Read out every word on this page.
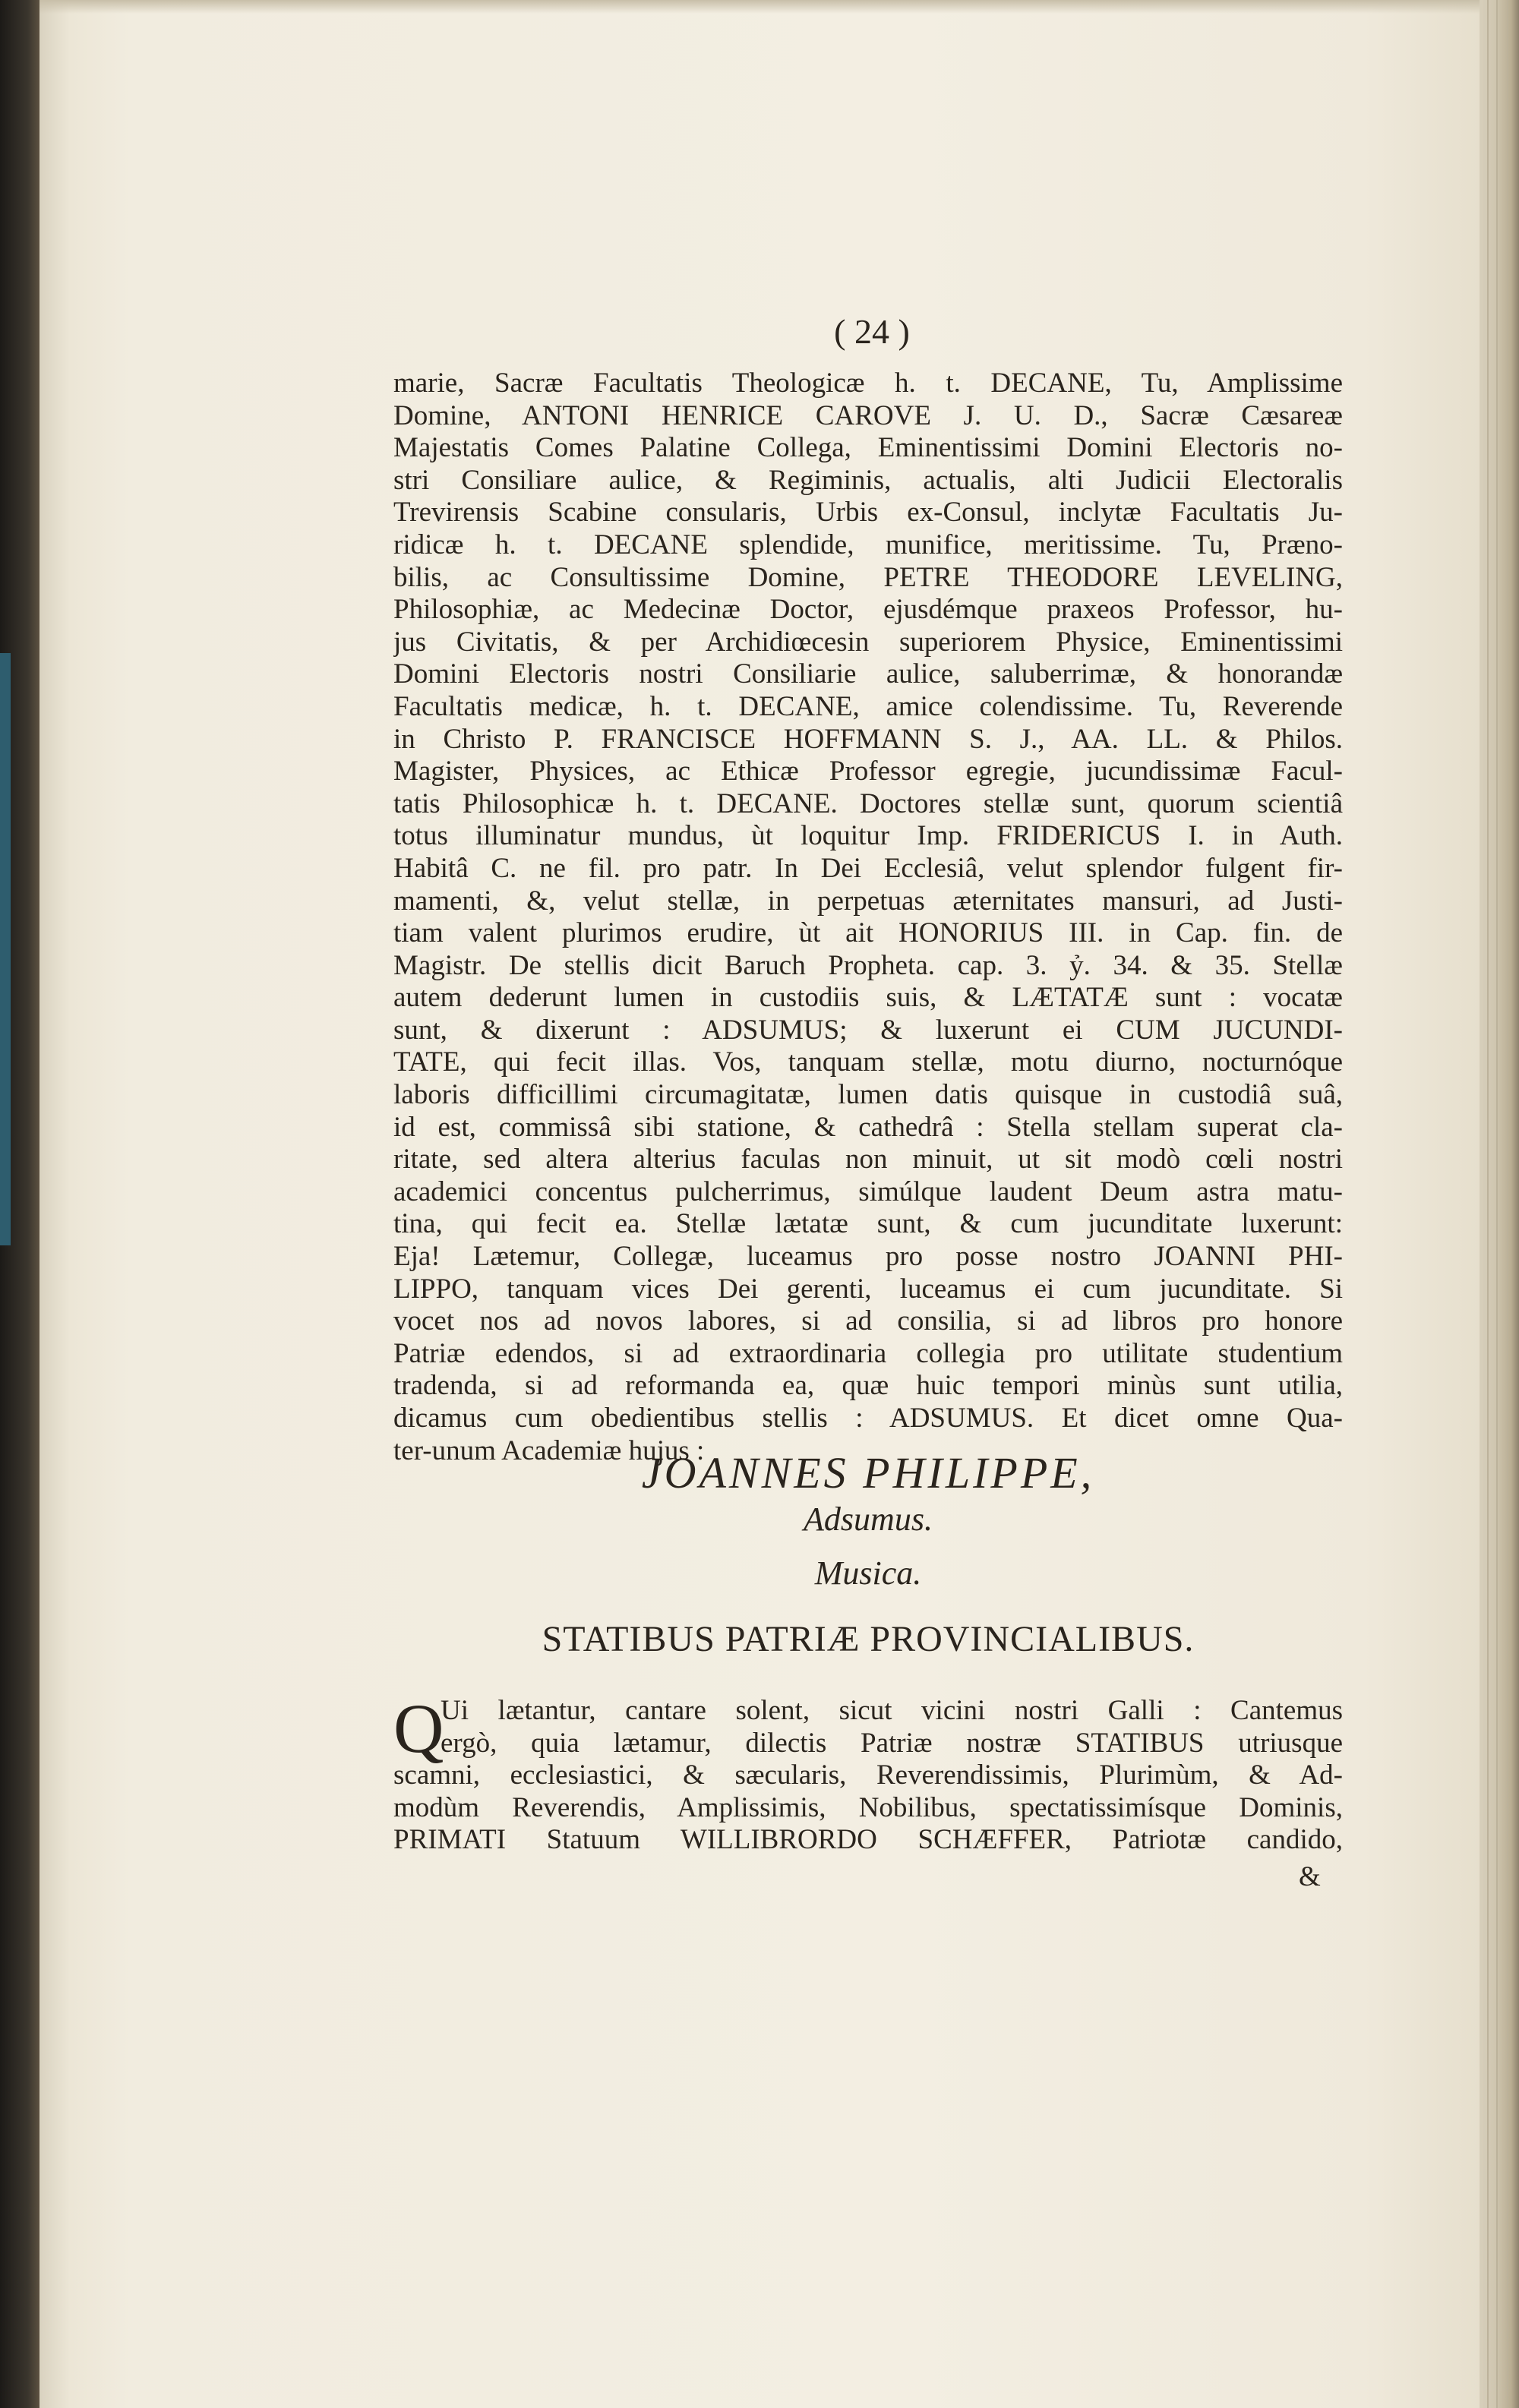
( 24 )
marie, Sacræ Facultatis Theologicæ h. t. DECANE, Tu, Amplissime
Domine, ANTONI HENRICE CAROVE J. U. D., Sacræ Cæsareæ
Majestatis Comes Palatine Collega, Eminentissimi Domini Electoris no-
stri Consiliare aulice, & Regiminis, actualis, alti Judicii Electoralis
Trevirensis Scabine consularis, Urbis ex-Consul, inclytæ Facultatis Ju-
ridicæ h. t. DECANE splendide, munifice, meritissime. Tu, Præno-
bilis, ac Consultissime Domine, PETRE THEODORE LEVELING,
Philosophiæ, ac Medecinæ Doctor, ejusdémque praxeos Professor, hu-
jus Civitatis, & per Archidiœcesin superiorem Physice, Eminentissimi
Domini Electoris nostri Consiliarie aulice, saluberrimæ, & honorandæ
Facultatis medicæ, h. t. DECANE, amice colendissime. Tu, Reverende
in Christo P. FRANCISCE HOFFMANN S. J., AA. LL. & Philos.
Magister, Physices, ac Ethicæ Professor egregie, jucundissimæ Facul-
tatis Philosophicæ h. t. DECANE. Doctores stellæ sunt, quorum scientiâ
totus illuminatur mundus, ùt loquitur Imp. FRIDERICUS I. in Auth.
Habitâ C. ne fil. pro patr. In Dei Ecclesiâ, velut splendor fulgent fir-
mamenti, &, velut stellæ, in perpetuas æternitates mansuri, ad Justi-
tiam valent plurimos erudire, ùt ait HONORIUS III. in Cap. fin. de
Magistr. De stellis dicit Baruch Propheta. cap. 3. ỷ. 34. & 35. Stellæ
autem dederunt lumen in custodiis suis, & LÆTATÆ sunt : vocatæ
sunt, & dixerunt : ADSUMUS; & luxerunt ei CUM JUCUNDI-
TATE, qui fecit illas. Vos, tanquam stellæ, motu diurno, nocturnóque
laboris difficillimi circumagitatæ, lumen datis quisque in custodiâ suâ,
id est, commissâ sibi statione, & cathedrâ : Stella stellam superat cla-
ritate, sed altera alterius faculas non minuit, ut sit modò cœli nostri
academici concentus pulcherrimus, simúlque laudent Deum astra matu-
tina, qui fecit ea. Stellæ lætatæ sunt, & cum jucunditate luxerunt:
Eja! Lætemur, Collegæ, luceamus pro posse nostro JOANNI PHI-
LIPPO, tanquam vices Dei gerenti, luceamus ei cum jucunditate. Si
vocet nos ad novos labores, si ad consilia, si ad libros pro honore
Patriæ edendos, si ad extraordinaria collegia pro utilitate studentium
tradenda, si ad reformanda ea, quæ huic tempori minùs sunt utilia,
dicamus cum obedientibus stellis : ADSUMUS. Et dicet omne Qua-
ter-unum Academiæ hujus :
JOANNES PHILIPPE,
Adsumus.
Musica.
STATIBUS PATRIÆ PROVINCIALIBUS.
Q
Ui lætantur, cantare solent, sicut vicini nostri Galli : Cantemus
ergò, quia lætamur, dilectis Patriæ nostræ STATIBUS utriusque
scamni, ecclesiastici, & sæcularis, Reverendissimis, Plurimùm, & Ad-
modùm Reverendis, Amplissimis, Nobilibus, spectatissimísque Dominis,
PRIMATI Statuum WILLIBRORDO SCHÆFFER, Patriotæ candido,
&
